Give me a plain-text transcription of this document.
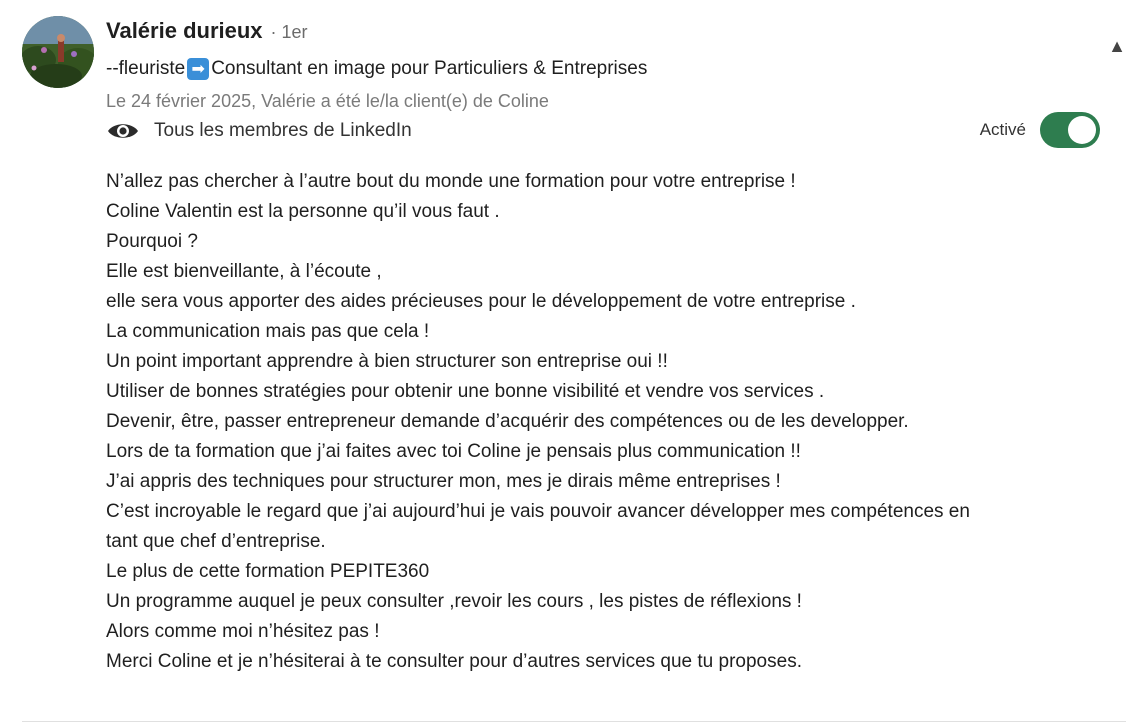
Valérie durieux · 1er
--fleuriste ➡ Consultant en image pour Particuliers & Entreprises
Le 24 février 2025, Valérie a été le/la client(e) de Coline
Tous les membres de LinkedIn	Activé
▲
N’allez pas chercher à l’autre bout du monde une formation pour votre entreprise !
Coline Valentin est la personne qu’il vous faut .
Pourquoi ?
Elle est bienveillante, à l’écoute ,
elle sera vous apporter des aides précieuses pour le développement de votre entreprise .
La communication mais pas que cela !
Un point important apprendre à bien structurer son entreprise oui !!
Utiliser de bonnes stratégies pour obtenir une bonne visibilité et vendre vos services .
Devenir, être, passer entrepreneur demande d’acquérir des compétences ou de les developper.
Lors de ta formation que j’ai faites avec toi Coline je pensais plus communication !!
J’ai appris des techniques pour structurer mon, mes je dirais même entreprises !
C’est incroyable le regard que j’ai aujourd’hui je vais pouvoir avancer développer mes compétences en
tant que chef d’entreprise.
Le plus de cette formation PEPITE360
Un programme auquel je peux consulter ,revoir les cours , les pistes de réflexions !
Alors comme moi n’hésitez pas !
Merci Coline et je n’hésiterai à te consulter pour d’autres services que tu proposes.
